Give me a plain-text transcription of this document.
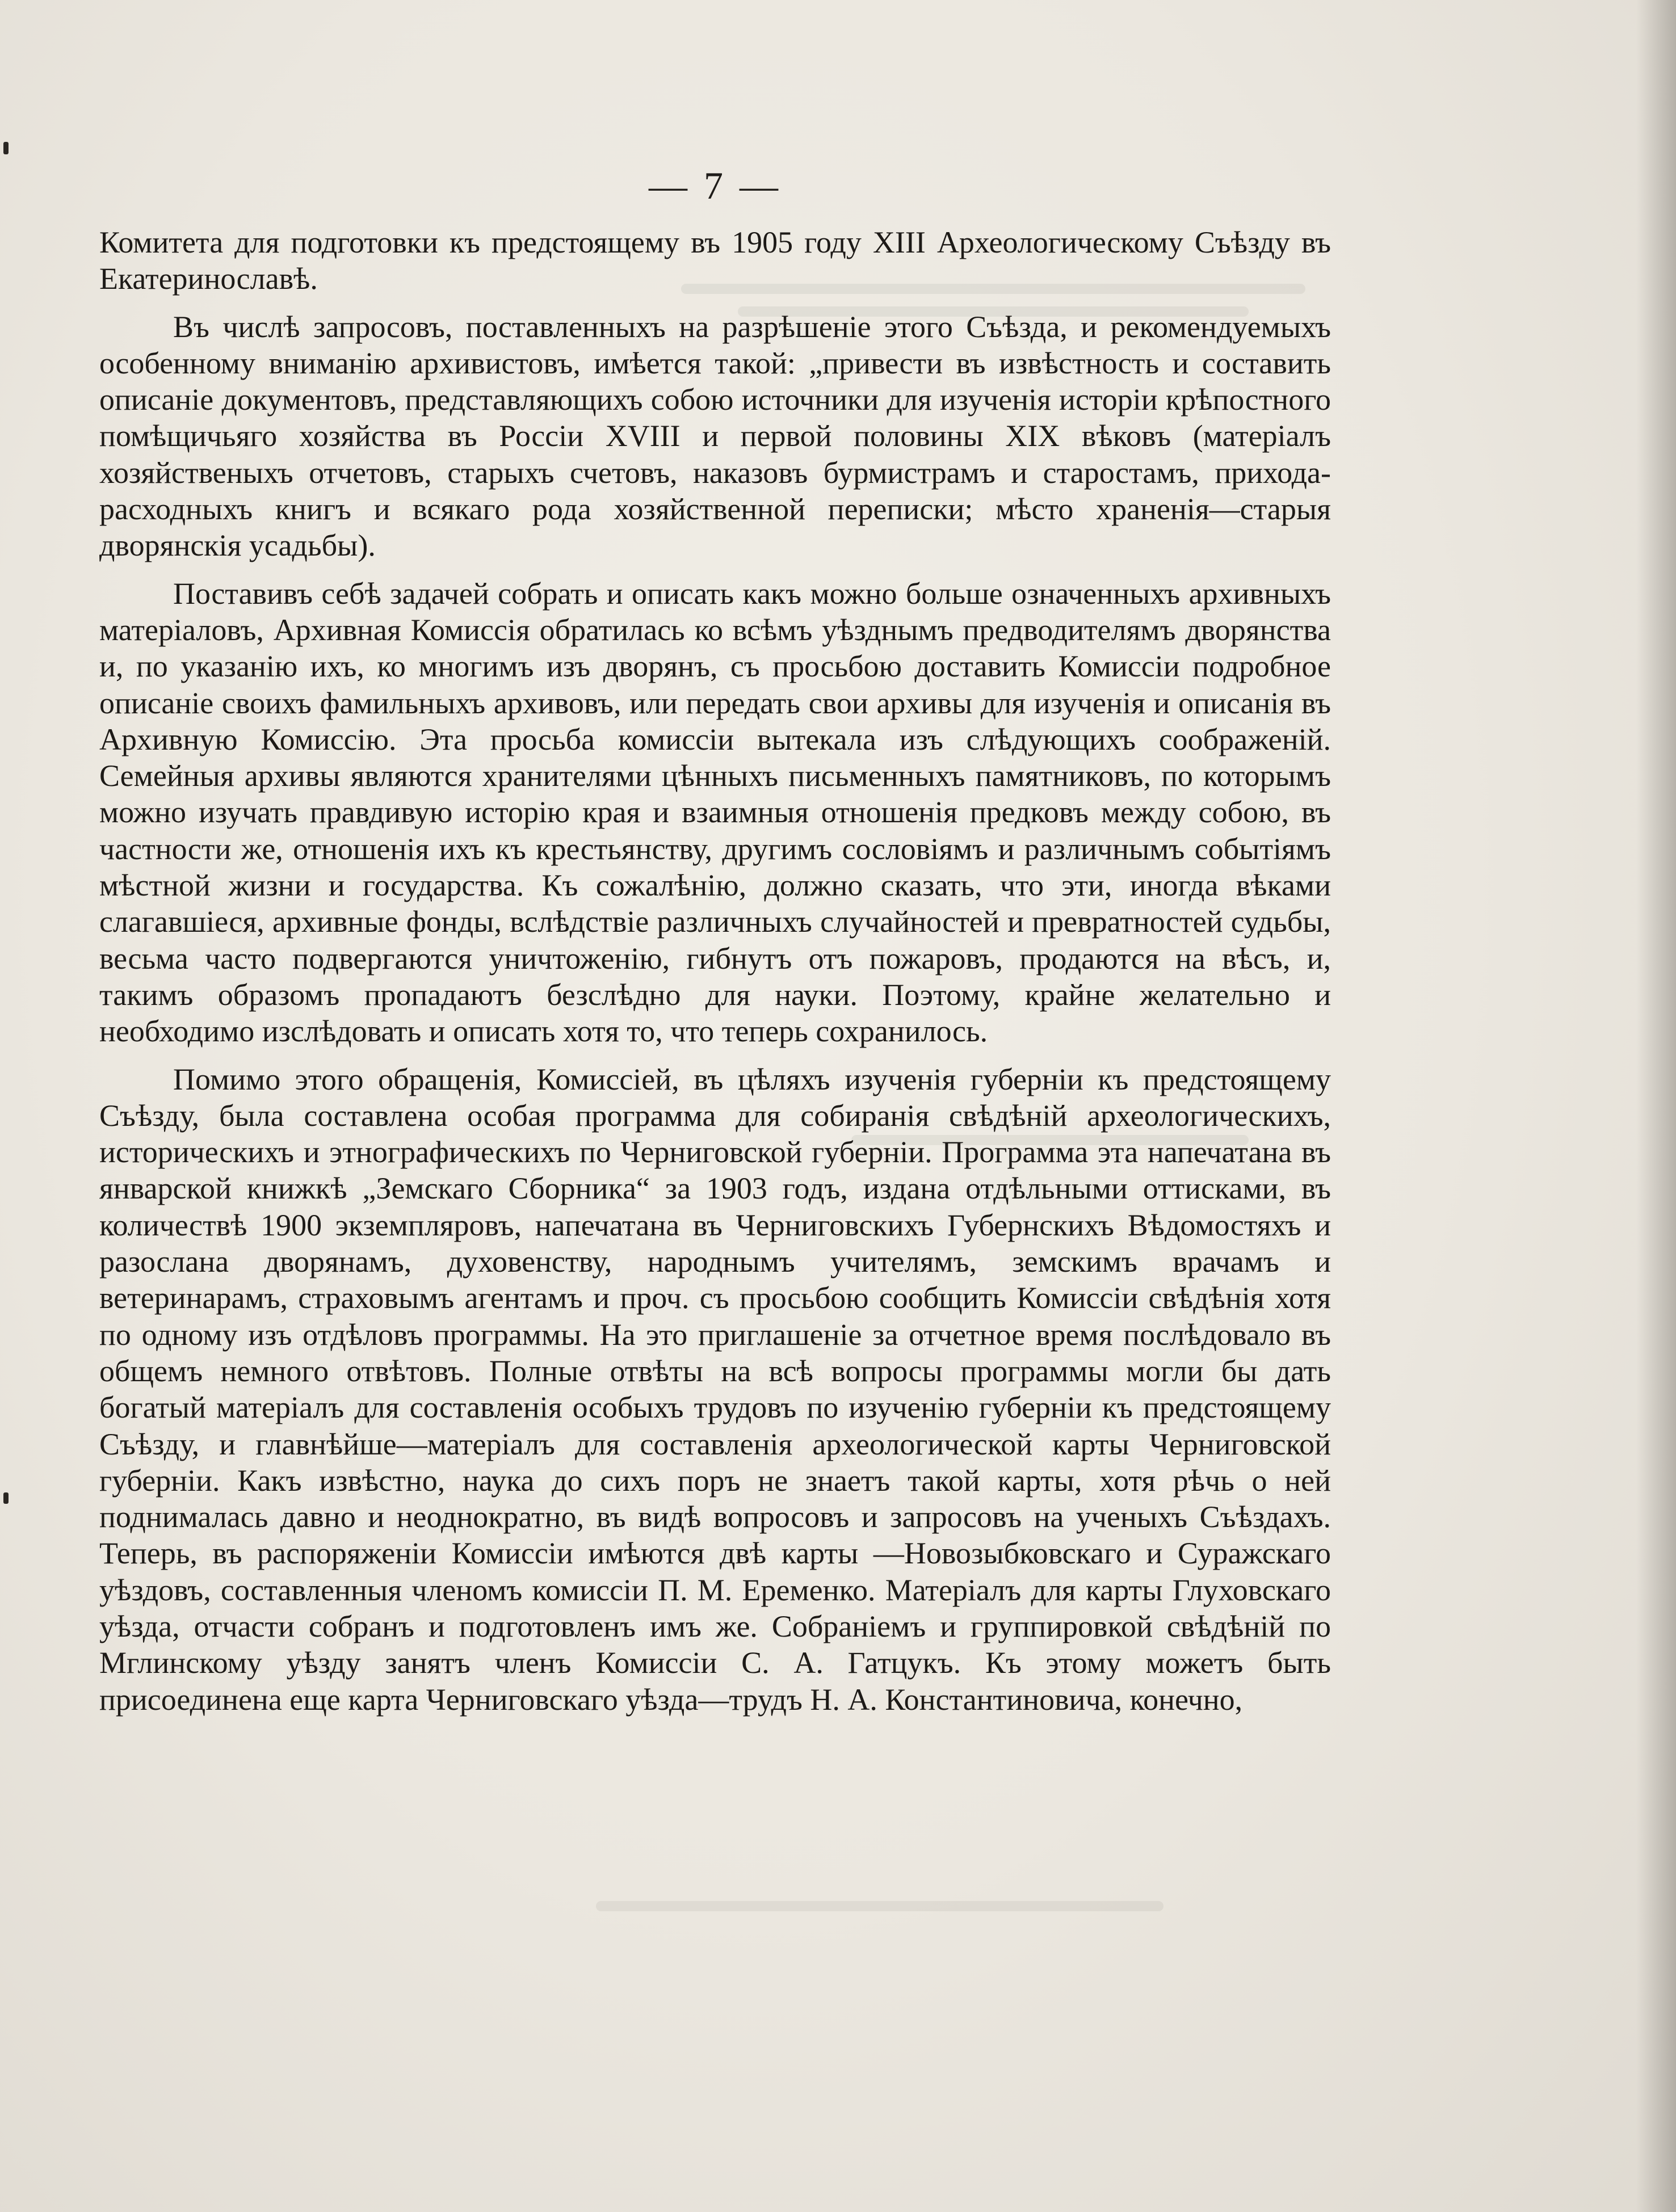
— 7 —

Комитета для подготовки къ предстоящему въ 1905 году XIII Археологическому Съѣзду въ Екатеринославѣ.

Въ числѣ запросовъ, поставленныхъ на разрѣшеніе этого Съѣзда, и рекомендуемыхъ особенному вниманію архивистовъ, имѣется такой: „привести въ извѣстность и составить описаніе документовъ, представляющихъ собою источники для изученія исторіи крѣпостного помѣщичьяго хозяйства въ Россіи XVIII и первой половины XIX вѣковъ (матеріалъ хозяйственыхъ отчетовъ, старыхъ счетовъ, наказовъ бурмистрамъ и старостамъ, прихода-расходныхъ книгъ и всякаго рода хозяйственной переписки; мѣсто храненія—старыя дворянскія усадьбы).

Поставивъ себѣ задачей собрать и описать какъ можно больше означенныхъ архивныхъ матеріаловъ, Архивная Комиссія обратилась ко всѣмъ уѣзднымъ предводителямъ дворянства и, по указанію ихъ, ко многимъ изъ дворянъ, съ просьбою доставить Комиссіи подробное описаніе своихъ фамильныхъ архивовъ, или передать свои архивы для изученія и описанія въ Архивную Комиссію. Эта просьба комиссіи вытекала изъ слѣдующихъ соображеній. Семейныя архивы являются хранителями цѣнныхъ письменныхъ памятниковъ, по которымъ можно изучать правдивую исторію края и взаимныя отношенія предковъ между собою, въ частности же, отношенія ихъ къ крестьянству, другимъ сословіямъ и различнымъ событіямъ мѣстной жизни и государства. Къ сожалѣнію, должно сказать, что эти, иногда вѣками слагавшіеся, архивные фонды, вслѣдствіе различныхъ случайностей и превратностей судьбы, весьма часто подвергаются уничтоженію, гибнутъ отъ пожаровъ, продаются на вѣсъ, и, такимъ образомъ пропадаютъ безслѣдно для науки. Поэтому, крайне желательно и необходимо изслѣдовать и описать хотя то, что теперь сохранилось.

Помимо этого обращенія, Комиссіей, въ цѣляхъ изученія губерніи къ предстоящему Съѣзду, была составлена особая программа для собиранія свѣдѣній археологическихъ, историческихъ и этнографическихъ по Черниговской губерніи. Программа эта напечатана въ январской книжкѣ „Земскаго Сборника“ за 1903 годъ, издана отдѣльными оттисками, въ количествѣ 1900 экземпляровъ, напечатана въ Черниговскихъ Губернскихъ Вѣдомостяхъ и разослана дворянамъ, духовенству, народнымъ учителямъ, земскимъ врачамъ и ветеринарамъ, страховымъ агентамъ и проч. съ просьбою сообщить Комиссіи свѣдѣнія хотя по одному изъ отдѣловъ программы. На это приглашеніе за отчетное время послѣдовало въ общемъ немного отвѣтовъ. Полные отвѣты на всѣ вопросы программы могли бы дать богатый матеріалъ для составленія особыхъ трудовъ по изученію губерніи къ предстоящему Съѣзду, и главнѣйше—матеріалъ для составленія археологической карты Черниговской губерніи. Какъ извѣстно, наука до сихъ поръ не знаетъ такой карты, хотя рѣчь о ней поднималась давно и неоднократно, въ видѣ вопросовъ и запросовъ на ученыхъ Съѣздахъ. Теперь, въ распоряженіи Комиссіи имѣются двѣ карты —Новозыбковскаго и Суражскаго уѣздовъ, составленныя членомъ комиссіи П. М. Еременко. Матеріалъ для карты Глуховскаго уѣзда, отчасти собранъ и подготовленъ имъ же. Собраніемъ и группировкой свѣдѣній по Мглинскому уѣзду занятъ членъ Комиссіи С. А. Гатцукъ. Къ этому можетъ быть присоединена еще карта Черниговскаго уѣзда—трудъ Н. А. Константиновича, конечно,
